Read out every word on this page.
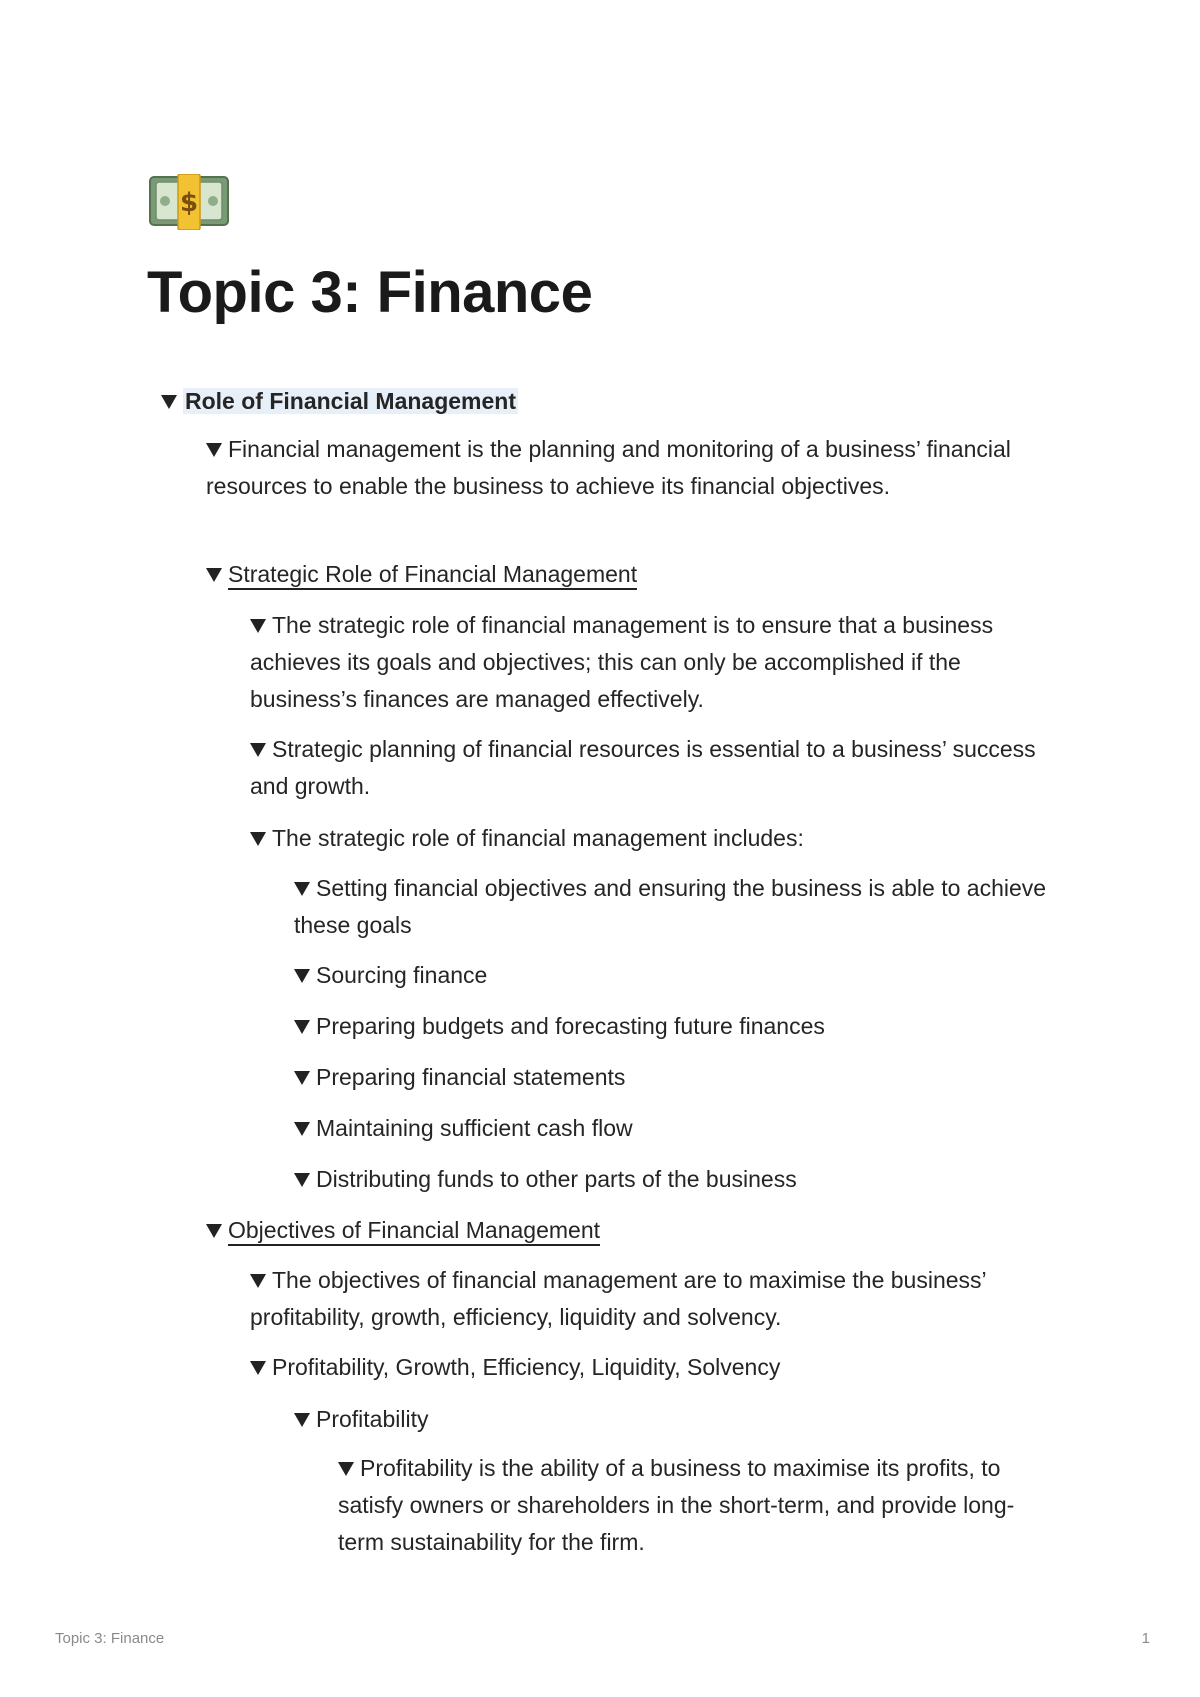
$
Topic 3: Finance

Role of Financial Management

Financial management is the planning and monitoring of a business’ financial resources to enable the business to achieve its financial objectives.

Strategic Role of Financial Management

The strategic role of financial management is to ensure that a business achieves its goals and objectives; this can only be accomplished if the business’s finances are managed effectively.

Strategic planning of financial resources is essential to a business’ success and growth.

The strategic role of financial management includes:

Setting financial objectives and ensuring the business is able to achieve these goals

Sourcing finance

Preparing budgets and forecasting future finances

Preparing financial statements

Maintaining sufficient cash flow

Distributing funds to other parts of the business

Objectives of Financial Management

The objectives of financial management are to maximise the business’ profitability, growth, efficiency, liquidity and solvency.

Profitability, Growth, Efficiency, Liquidity, Solvency

Profitability

Profitability is the ability of a business to maximise its profits, to satisfy owners or shareholders in the short-term, and provide long-term sustainability for the firm.

Topic 3: Finance	1
